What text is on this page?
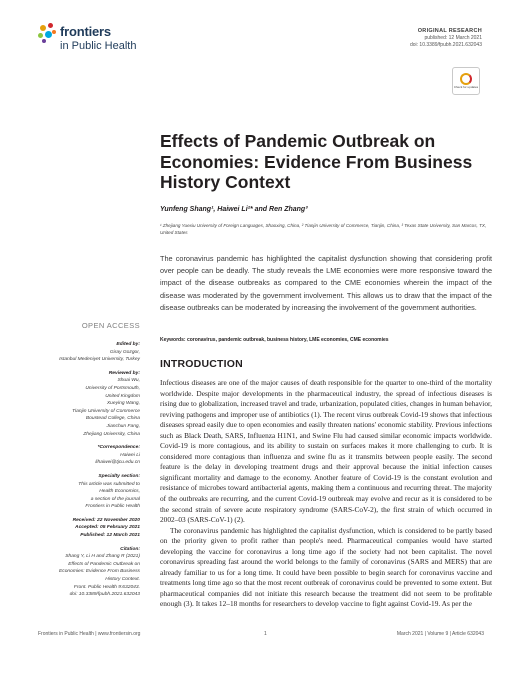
frontiers
in Public Health
ORIGINAL RESEARCH
published: 12 March 2021
doi: 10.3389/fpubh.2021.632043
Check for updates
Effects of Pandemic Outbreak on Economies: Evidence From Business History Context
Yunfeng Shang¹, Haiwei Li²* and Ren Zhang³
¹ Zhejiang Yuexiu University of Foreign Languages, Shaoxing, China, ² Tianjin University of Commerce, Tianjin, China, ³ Texas State University, San Marcos, TX, United States
The coronavirus pandemic has highlighted the capitalist dysfunction showing that considering profit over people can be deadly. The study reveals the LME economies were more responsive toward the impact of the disease outbreaks as compared to the CME economies wherein the impact of the disease was moderated by the government involvement. This allows us to draw that the impact of the disease outbreaks can be moderated by increasing the involvement of the government authorities.
Keywords: coronavirus, pandemic outbreak, business history, LME economies, CME economies
OPEN ACCESS
Edited by:
Giray Gozgor,
Istanbul Medeniyet University, Turkey
Reviewed by:
Shuai Wu,
University of Portsmouth,
United Kingdom
Xueying Wang,
Tianjin University of Commerce
Boustead College, China
Jianchun Fang,
Zhejiang University, China
*Correspondence:
Haiwei Li
lihaiwei@tjcu.edu.cn
Specialty section:
This article was submitted to
Health Economics,
a section of the journal
Frontiers in Public Health
Received: 22 November 2020
Accepted: 05 February 2021
Published: 12 March 2021
Citation:
Shang Y, Li H and Zhang R (2021)
Effects of Pandemic Outbreak on
Economies: Evidence From Business
History Context.
Front. Public Health 9:632043.
doi: 10.3389/fpubh.2021.632043
INTRODUCTION

Infectious diseases are one of the major causes of death responsible for the quarter to one-third of the mortality worldwide. Despite major developments in the pharmaceutical industry, the spread of infectious diseases is rising due to globalization, increased travel and trade, urbanization, populated cities, changes in human behavior, reviving pathogens and improper use of antibiotics (1). The recent virus outbreak Covid-19 shows that infectious diseases spread easily due to open economies and easily threaten nations' economic stability. Previous infections such as Black Death, SARS, Influenza H1N1, and Swine Flu had caused similar economic impacts worldwide. Covid-19 is more contagious, and its ability to sustain on surfaces makes it more challenging to curb. It is considered more contagious than influenza and swine flu as it transmits between people easily. The second feature is the delay in developing treatment drugs and their approval because the initial infection causes significant mortality and damage to the economy. Another feature of Covid-19 is the constant evolution and resistance of microbes toward antibacterial agents, making them a continuous and recurring threat. The majority of the outbreaks are recurring, and the current Covid-19 outbreak may evolve and recur as it is considered to be the second strain of severe acute respiratory syndrome (SARS-CoV-2), the first strain of which occurred in 2002–03 (SARS-CoV-1) (2).

The coronavirus pandemic has highlighted the capitalist dysfunction, which is considered to be partly based on the priority given to profit rather than people's need. Pharmaceutical companies would have started developing the vaccine for coronavirus a long time ago if the society had not been capitalist. The novel coronavirus spreading fast around the world belongs to the family of coronavirus (SARS and MERS) that are already familiar to us for a long time. It could have been possible to begin search for coronavirus vaccine and treatments long time ago so that the most recent outbreak of coronavirus could be prevented to some extent. But pharmaceutical companies did not initiate this research because the treatment did not seem to be profitable enough (3). It takes 12–18 months for researchers to develop vaccine to fight against Covid-19. As per the

Frontiers in Public Health | www.frontiersin.org	1	March 2021 | Volume 9 | Article 632043
